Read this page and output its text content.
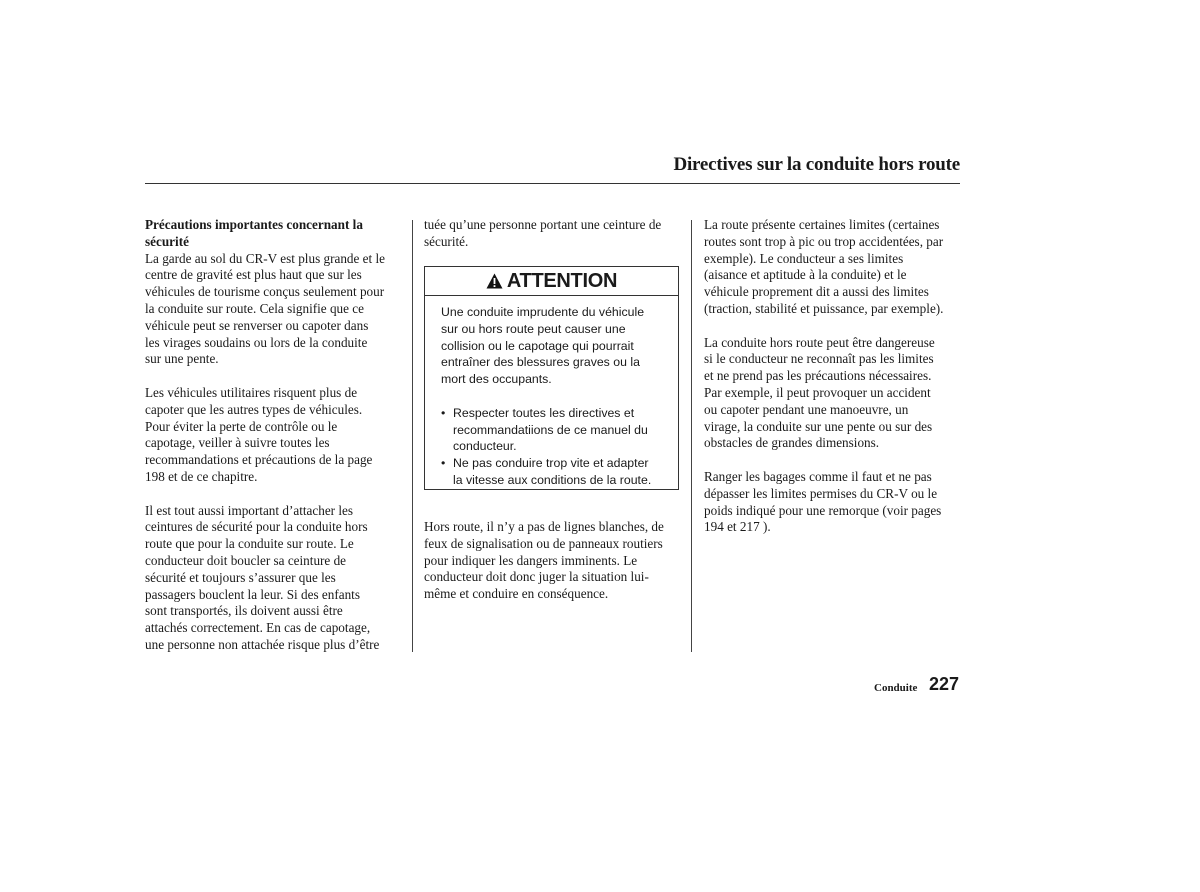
Directives sur la conduite hors route

Précautions importantes concernant la
sécurité

La garde au sol du CR-V est plus grande et le
centre de gravité est plus haut que sur les
véhicules de tourisme conçus seulement pour
la conduite sur route. Cela signifie que ce
véhicule peut se renverser ou capoter dans
les virages soudains ou lors de la conduite
sur une pente.

Les véhicules utilitaires risquent plus de
capoter que les autres types de véhicules.
Pour éviter la perte de contrôle ou le
capotage, veiller à suivre toutes les
recommandations et précautions de la page
198 et de ce chapitre.

Il est tout aussi important d’attacher les
ceintures de sécurité pour la conduite hors
route que pour la conduite sur route. Le
conducteur doit boucler sa ceinture de
sécurité et toujours s’assurer que les
passagers bouclent la leur. Si des enfants
sont transportés, ils doivent aussi être
attachés correctement. En cas de capotage,
une personne non attachée risque plus d’être

tuée qu’une personne portant une ceinture de
sécurité.

ATTENTION

Une conduite imprudente du véhicule
sur ou hors route peut causer une
collision ou le capotage qui pourrait
entraîner des blessures graves ou la
mort des occupants.

• Respecter toutes les directives et
recommandatiions de ce manuel du
conducteur.
• Ne pas conduire trop vite et adapter
la vitesse aux conditions de la route.

Hors route, il n’y a pas de lignes blanches, de
feux de signalisation ou de panneaux routiers
pour indiquer les dangers imminents. Le
conducteur doit donc juger la situation lui-
même et conduire en conséquence.

La route présente certaines limites (certaines
routes sont trop à pic ou trop accidentées, par
exemple). Le conducteur a ses limites
(aisance et aptitude à la conduite) et le
véhicule proprement dit a aussi des limites
(traction, stabilité et puissance, par exemple).

La conduite hors route peut être dangereuse
si le conducteur ne reconnaît pas les limites
et ne prend pas les précautions nécessaires.
Par exemple, il peut provoquer un accident
ou capoter pendant une manoeuvre, un
virage, la conduite sur une pente ou sur des
obstacles de grandes dimensions.

Ranger les bagages comme il faut et ne pas
dépasser les limites permises du CR-V ou le
poids indiqué pour une remorque (voir pages
194 et 217 ).

Conduite 227
